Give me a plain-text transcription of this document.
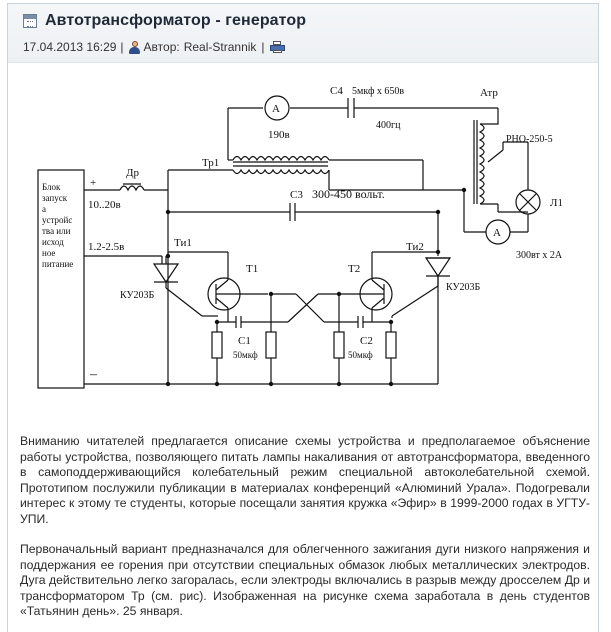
Автотрансформатор - генератор
17.04.2013 16:29 | Автор: Real-Strannik |
Блок
запуск
а
устройс
тва или
исход
ное
питание
+
–
10..20в
1.2-2.5в
Др
Тр1
190в
A
С4 5мкф х 650в
400гц
Атр
РНО-250-5
Л1
A
300вт х 2А
С3 300-450 вольт.
Ти1	Ти2
КУ203Б
КУ203Б
Т1	Т2
С1
50мкф
С2
50мкф

Вниманию читателей предлагается описание схемы устройства и предполагаемое объяснение работы устройства, позволяющего питать лампы накаливания от автотрансформатора, введенного в самоподдерживающийся колебательный режим специальной автоколебательной схемой. Прототипом послужили публикации в материалах конференций «Алюминий Урала». Подогревали интерес к этому те студенты, которые посещали занятия кружка «Эфир» в 1999-2000 годах в УГТУ-УПИ.

Первоначальный вариант предназначался для облегченного зажигания дуги низкого напряжения и поддержания ее горения при отсутствии специальных обмазок любых металлических электродов. Дуга действительно легко загоралась, если электроды включались в разрыв между дросселем Др и трансформатором Тр (см. рис). Изображенная на рисунке схема заработала в день студентов «Татьянин день». 25 января.
